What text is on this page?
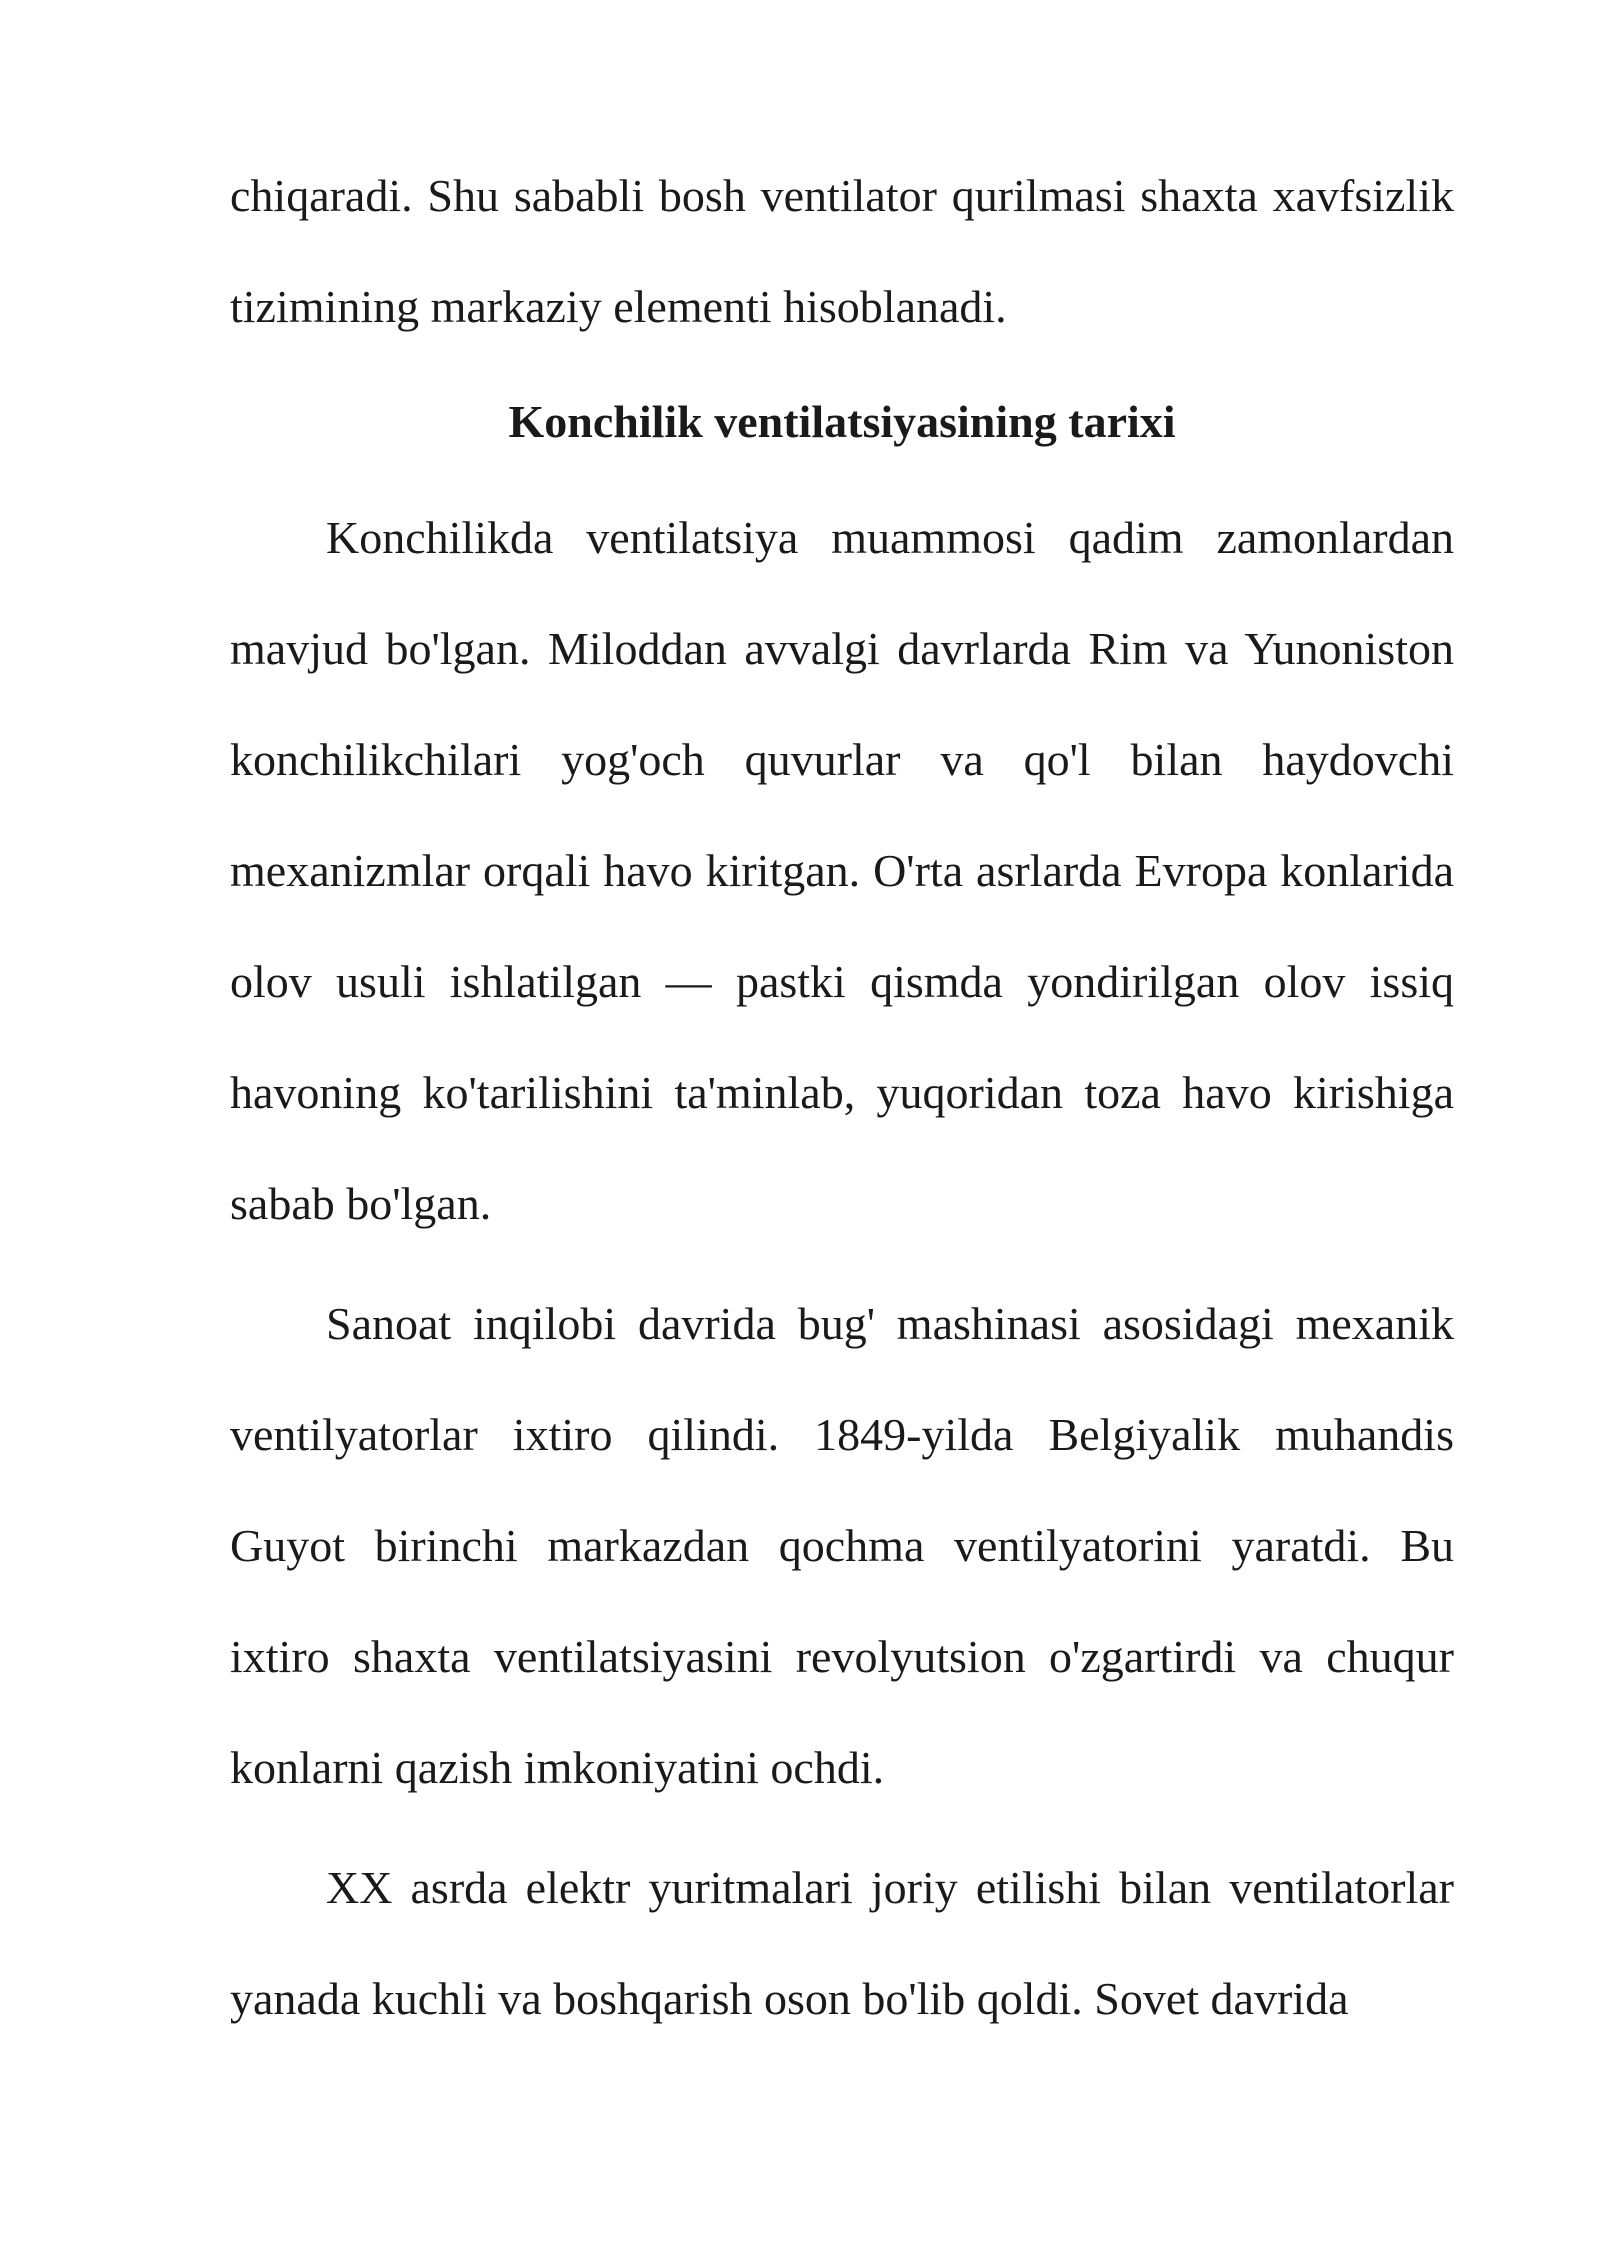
chiqaradi. Shu sababli bosh ventilator qurilmasi shaxta xavfsizlik tizimining markaziy elementi hisoblanadi.

Konchilik ventilatsiyasining tarixi

Konchilikda ventilatsiya muammosi qadim zamonlardan mavjud bo'lgan. Miloddan avvalgi davrlarda Rim va Yunoniston konchilikchilari yog'och quvurlar va qo'l bilan haydovchi mexanizmlar orqali havo kiritgan. O'rta asrlarda Evropa konlarida olov usuli ishlatilgan — pastki qismda yondirilgan olov issiq havoning ko'tarilishini ta'minlab, yuqoridan toza havo kirishiga sabab bo'lgan.

Sanoat inqilobi davrida bug' mashinasi asosidagi mexanik ventilyatorlar ixtiro qilindi. 1849-yilda Belgiyalik muhandis Guyot birinchi markazdan qochma ventilyatorini yaratdi. Bu ixtiro shaxta ventilatsiyasini revolyutsion o'zgartirdi va chuqur konlarni qazish imkoniyatini ochdi.

XX asrda elektr yuritmalari joriy etilishi bilan ventilatorlar yanada kuchli va boshqarish oson bo'lib qoldi. Sovet davrida
